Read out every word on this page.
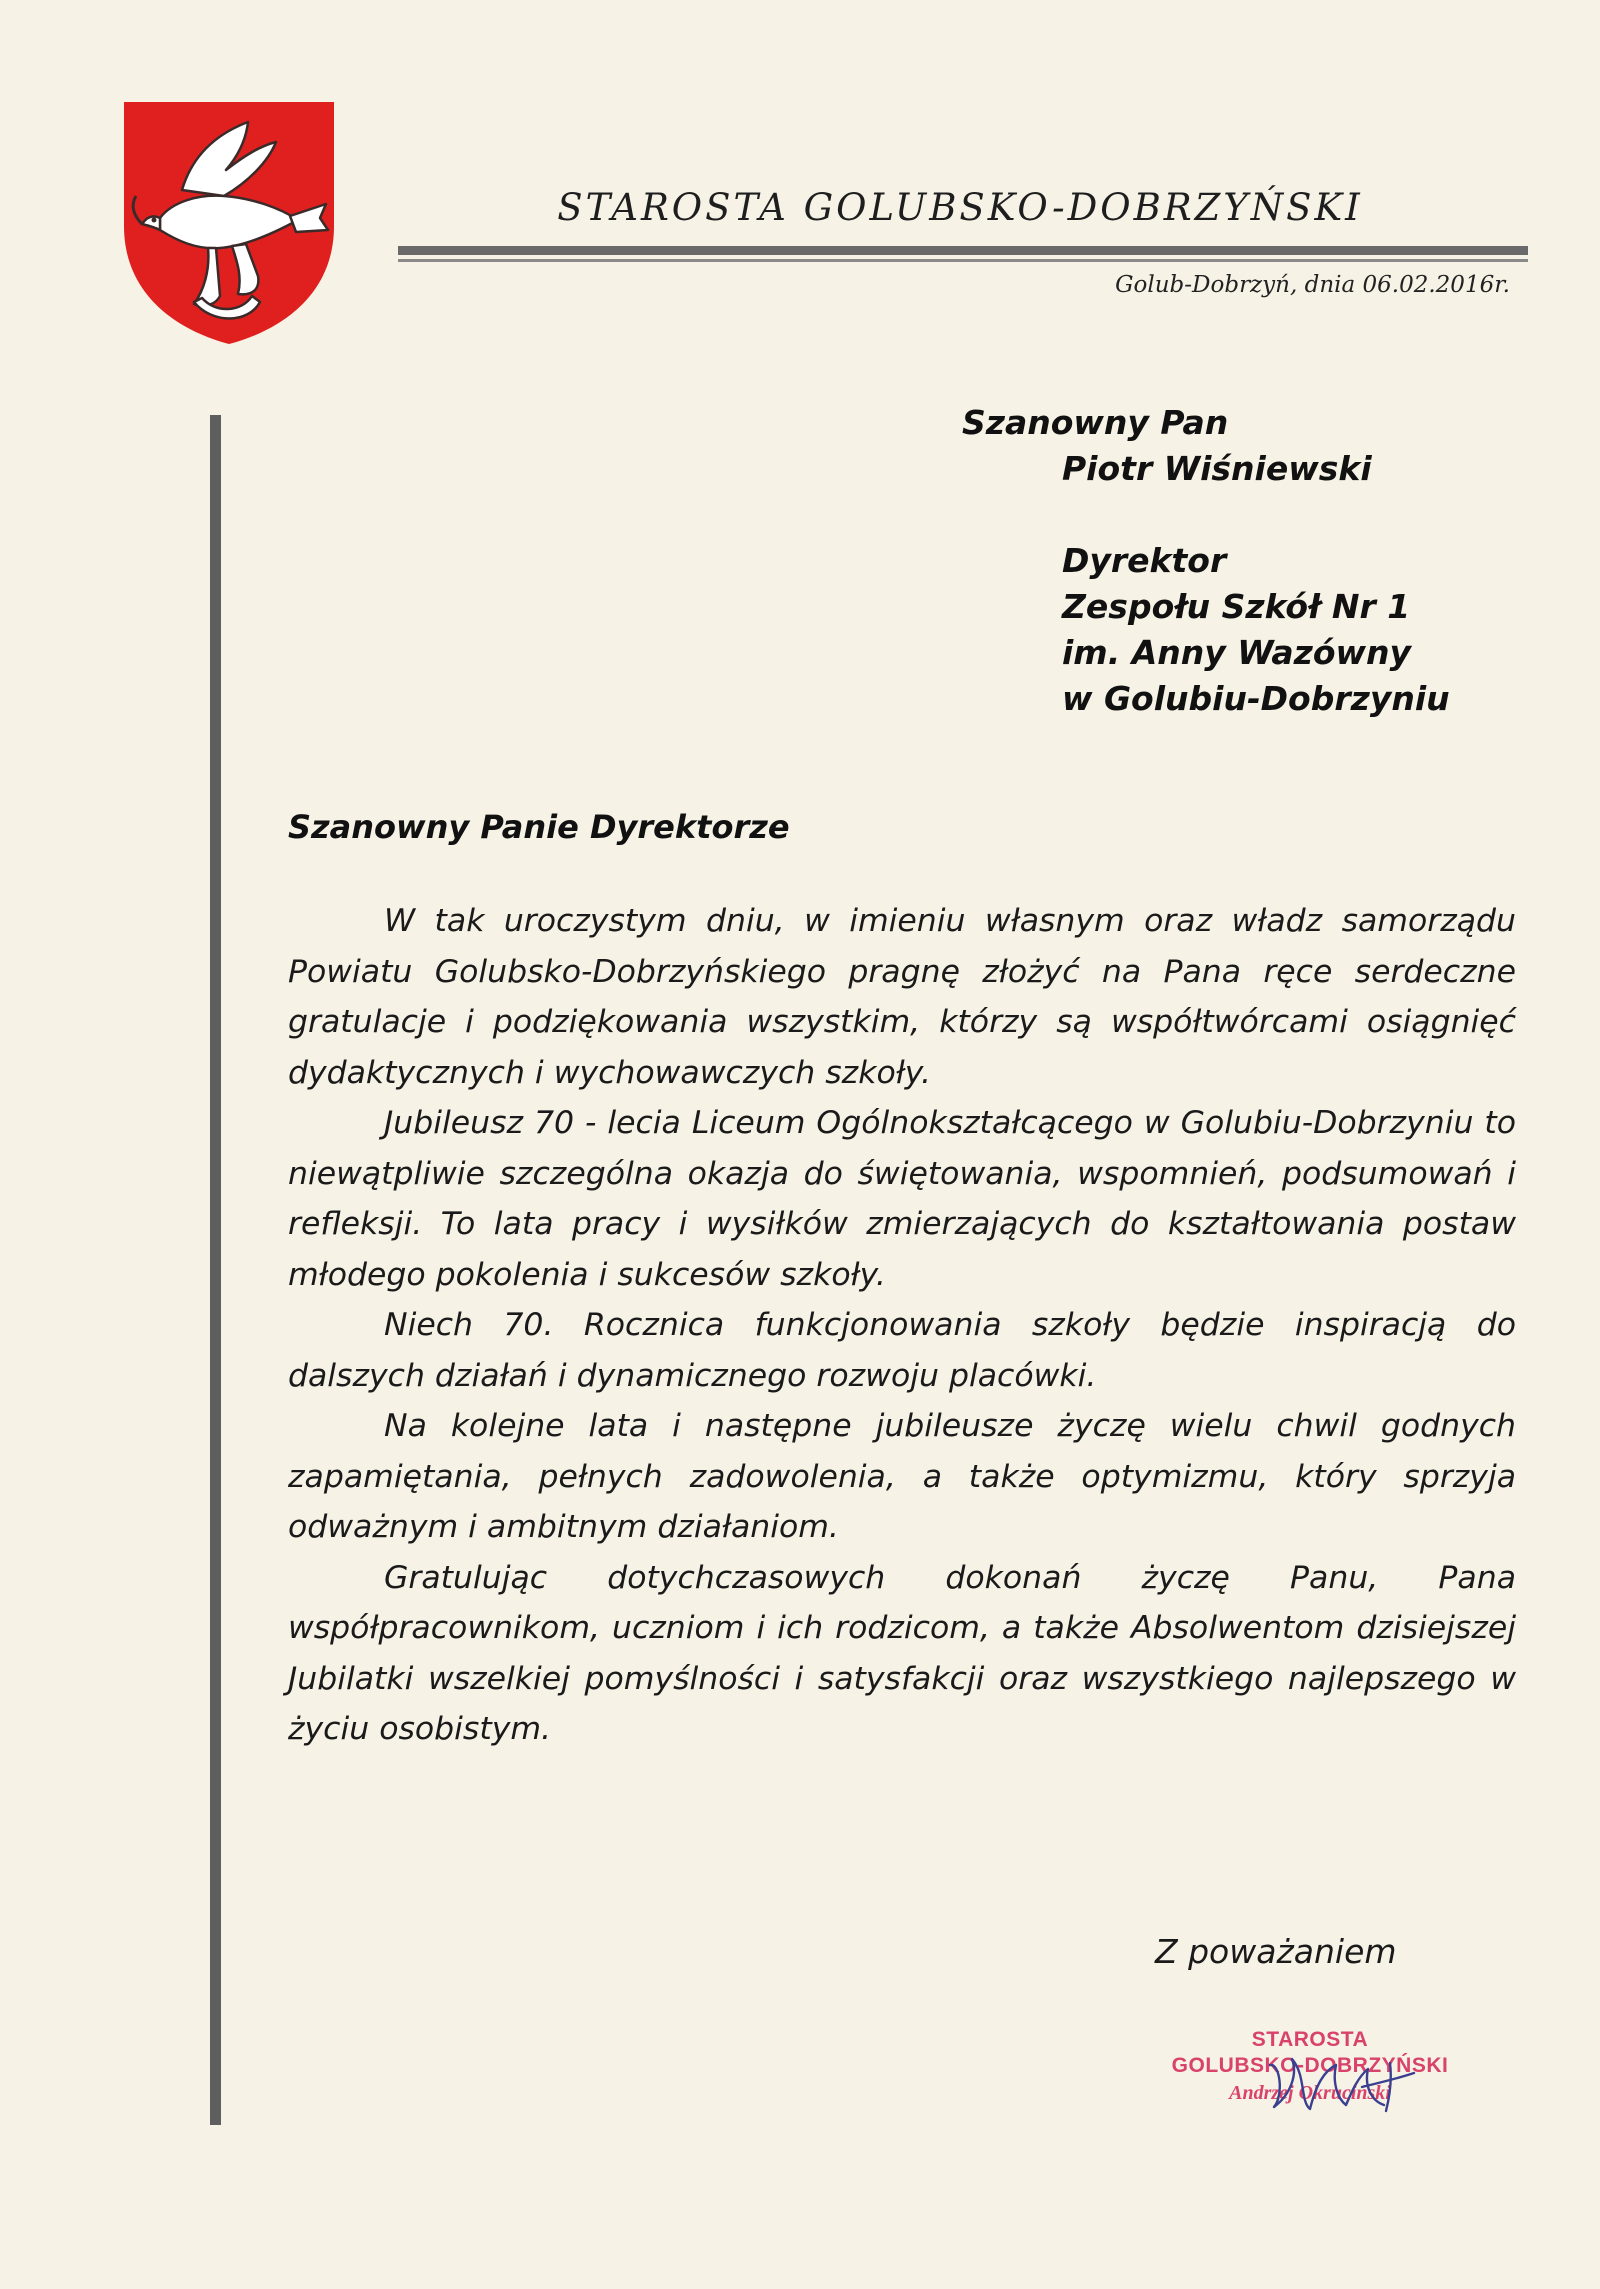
STAROSTA GOLUBSKO-DOBRZYŃSKI
Golub-Dobrzyń, dnia 06.02.2016r.
Szanowny Pan
Piotr Wiśniewski
Dyrektor
Zespołu Szkół Nr 1
im. Anny Wazówny
w Golubiu-Dobrzyniu
Szanowny Panie Dyrektorze

W tak uroczystym dniu, w imieniu własnym oraz władz samorządu Powiatu Golubsko-Dobrzyńskiego pragnę złożyć na Pana ręce serdeczne gratulacje i podziękowania wszystkim, którzy są współtwórcami osiągnięć dydaktycznych i wychowawczych szkoły.

Jubileusz 70 - lecia Liceum Ogólnokształcącego w Golubiu-Dobrzyniu to niewątpliwie szczególna okazja do świętowania, wspomnień, podsumowań i refleksji. To lata pracy i wysiłków zmierzających do kształtowania postaw młodego pokolenia i sukcesów szkoły.

Niech 70. Rocznica funkcjonowania szkoły będzie inspiracją do dalszych działań i dynamicznego rozwoju placówki.

Na kolejne lata i następne jubileusze życzę wielu chwil godnych zapamiętania, pełnych zadowolenia, a także optymizmu, który sprzyja odważnym i ambitnym działaniom.

Gratulując dotychczasowych dokonań życzę Panu, Pana współpracownikom, uczniom i ich rodzicom, a także Absolwentom dzisiejszej Jubilatki wszelkiej pomyślności i satysfakcji oraz wszystkiego najlepszego w życiu osobistym.

Z poważaniem
STAROSTA
GOLUBSKO-DOBRZYŃSKI
Andrzej Okruciński
